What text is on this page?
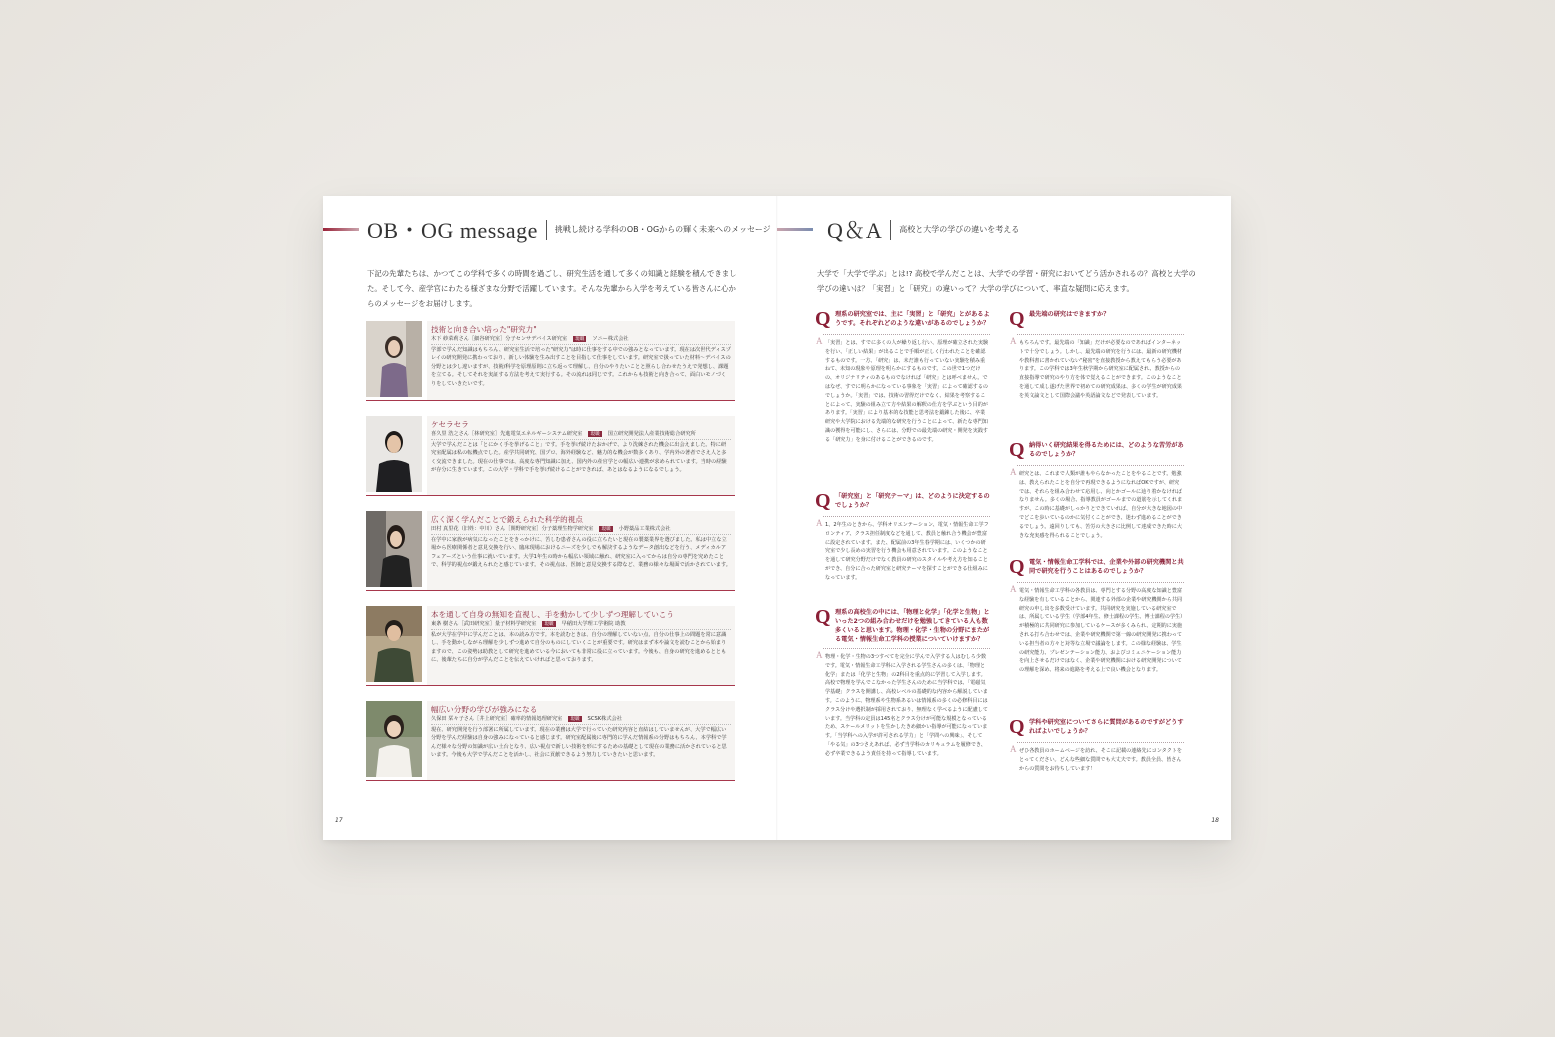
OB・OG message 挑戦し続ける学科のOB・OGからの輝く未来へのメッセージ
下記の先輩たちは、かつてこの学科で多くの時間を過ごし、研究生活を通して多くの知識と経験を積んできました。そして今、産学官にわたる様ざまな分野で活躍しています。そんな先輩から入学を考えている皆さんに心からのメッセージをお届けします。
技術と向き合い培った"研究力"
木下 紗菜莉さん［細谷研究室］分子センサデバイス研究室	現職	ソニー株式会社
学部で学んだ知識はもちろん、研究室生活で培った"研究力"は時に仕事をする中での強みとなっています。現在は次世代ディスプレイの研究開発に携わっており、新しい体験を生み出すことを目指して仕事をしています。研究室で扱っていた材料〜デバイスの分野とは少し違いますが、技術/科学を原理原則に立ち返って理解し、自分のやりたいことと照らし合わせたうえで発想し、課題を立てる。そしてそれを実証する方法を考えて実行する。その流れは同じです。これからも技術と向き合って、面白いモノづくりをしていきたいです。
ケセラセラ
喜久里 浩之さん［林研究室］先進電気エネルギーシステム研究室	現職	国立研究開発法人産業技術総合研究所
大学で学んだことは「とにかく手を挙げること」です。手を挙げ続けたおかげで、より洗練された機会に出会えました。特に研究室配属は私の転機点でした。産学共同研究、国プロ、海外経験など、魅力的な機会が数多くあり、学内外の著者でさえ人と多く交流できました。現在の仕事では、高度な専門知識に加え、国内外の産官学との幅広い連携が求められています。当時の経験が存分に生きています。この大学・学科で手を挙げ続けることができれば、あとはなるようになるでしょう。
広く深く学んだことで鍛えられた科学的視点
田村 真里花（旧姓：中川）さん［関野研究室］分子薬理生物学研究室	現職	小野薬品工業株式会社
在学中に家族が病気になったことをきっかけに、苦しむ患者さんの役に立ちたいと現在の製薬業界を選びました。私は中立な立場から医療関係者と意見交換を行い、臨床現場におけるニーズを少しでも解決するようなデータ創出などを行う、メディカルアフェアーズという仕事に就いています。大学1年生の時から幅広い領域に触れ、研究室に入ってからは自分の専門を究めたことで、科学的視点が鍛えられたと感じています。その視点は、医師と意見交換する際など、業務の様々な場面で活かされています。
本を通して自身の無知を直視し、手を動かして少しずつ理解していこう
東条 樹さん［武田研究室］量子材料学研究室	現職	早稲田大学理工学術院 助教
私が大学在学中に学んだことは、本の読み方です。本を読むときは、自分の理解していない点、自分の仕事上の問題を常に意識し、手を動かしながら理解を少しずつ進めて自分のものにしていくことが重要です。研究はまず本や論文を読むことから始まりますので、この姿勢は助教として研究を進めている今においても非常に役に立っています。今後も、自身の研究を進めるとともに、後輩たちに自分が学んだことを伝えていければと思っております。
幅広い分野の学びが強みになる
久保田 栞々子さん［井上研究室］確率的情報処理研究室	現職	SCSK株式会社
現在、研究開発を行う部署に所属しています。現在の業務は大学で行っていた研究内容と直結はしていませんが、大学で幅広い分野を学んだ経験は自身の強みになっていると感じます。研究室配属後に専門的に学んだ情報系の分野はもちろん、本学科で学んだ様々な分野の知識が広い土台となり、広い視点で新しい技術を形にするための基礎として現在の業務に活かされていると思います。今後も大学で学んだことを活かし、社会に貢献できるよう努力していきたいと思います。
17
Q＆A 高校と大学の学びの違いを考える
大学で「大学で学ぶ」とは!? 高校で学んだことは、大学での学習・研究においてどう活かされるの？高校と大学の学びの違いは？「実習」と「研究」の違いって？大学の学びについて、率直な疑問に応えます。
Q 理系の研究室では、主に「実習」と「研究」とがあるようです。それぞれどのような違いがあるのでしょうか？
A 「実習」とは、すでに多くの人が繰り返し行い、原理が確立された実験を行い、「正しい結果」が出ることで手順が正しく行われたことを確認するものです。一方、「研究」は、未だ誰も行っていない実験を積み重ねて、未知の現象や原理を明らかにするものです。この世で1つだけの、オリジナリティのあるものでなければ「研究」とは呼べません。ではなぜ、すでに明らかになっている事象を「実習」によって確認するのでしょうか。「実習」では、技術の習得だけでなく、結果を考察することによって、実験の組み立て方や結果の解釈の仕方を学ぶという目的があります。「実習」により基本的な技能と思考法を鍛錬した後に、卒業研究や大学院における先端的な研究を行うことによって、新たな専門知識の獲得を可能にし、さらには、分野での最先端の研究・開発を実践する「研究力」を身に付けることができるのです。
Q 「研究室」と「研究テーマ」は、どのように決定するのでしょうか？
A 1、2年生のときから、学科オリエンテーション、電気・情報生命工学フロンティア、クラス担任制度などを通して、教員と触れ合う機会が豊富に設定されています。また、配属前の3年生春学期には、いくつかの研究室で少し長めの実習を行う機会も用意されています。このようなことを通して研究分野だけでなく教員の研究のスタイルや考え方を知ることができ、自分に合った研究室と研究テーマを探すことができる仕組みになっています。
Q 理系の高校生の中には、「物理と化学」「化学と生物」といった2つの組み合わせだけを勉強してきている人も数多くいると思います。物理・化学・生物の分野にまたがる電気・情報生命工学科の授業についていけますか？
A 物理・化学・生物の3つすべてを完全に学んで入学する人はむしろ少数です。電気・情報生命工学科に入学される学生さんの多くは、「物理と化学」または「化学と生物」の2科目を重点的に学習して入学します。高校で物理を学んでこなかった学生さんのために当学科では、「電磁気学基礎」クラスを開講し、高校レベルの基礎的な内容から解説しています。このように、物理系や生物系あるいは情報系の多くの必修科目にはクラス分けや選択制が採用されており、無理なく学べるように配慮しています。当学科の定員は145名とクラス分けが可能な規模となっているため、スケールメリットを生かしたきめ細かい指導が可能になっています。「当学科への入学が許可される学力」と「学問への興味」、そして「やる気」の3つさえあれば、必ず当学科のカリキュラムを履修でき、必ず卒業できるよう責任を持って指導しています。
Q 最先端の研究はできますか？
A もちろんです。最先端の「知識」だけが必要なのであればインターネットで十分でしょう。しかし、最先端の研究を行うには、最新の研究機材や教科書に書かれていない"秘密"を直接教授から教えてもらう必要があります。この学科では3年生秋学期から研究室に配属され、教授からの直接指導で研究のやり方を体で覚えることができます。このようなことを通して成し遂げた世界で初めての研究成果は、多くの学生が研究成果を英文論文として国際会議や英語論文などで発表しています。
Q 納得いく研究結果を得るためには、どのような苦労があるのでしょうか？
A 研究とは、これまで人類が誰もやらなかったことをやることです。勉強は、教えられたことを自分で再現できるようになればOKですが、研究では、それらを組み合わせて応用し、向とかゴールに辿り着かなければなりません。多くの場合、指導教員がゴールまでの道筋を示してくれますが、この時に基礎がしっかりとできていれば、自分が大きな地図の中でどこを歩いているのかに気付くことができ、迷わず進めることができるでしょう。遠回りしても、苦労の大きさに比例して達成できた時に大きな充実感を得られることでしょう。
Q 電気・情報生命工学科では、企業や外部の研究機関と共同で研究を行うことはあるのでしょうか？
A 電気・情報生命工学科の各教員は、専門とする分野の高度な知識と豊富な経験を有していることから、関連する外部の企業や研究機関から共同研究の申し出を多数受けています。共同研究を実施している研究室では、所属している学生（学部4年生、修士課程の学生、博士課程の学生）が積極的に共同研究に参加しているケースが多くみられ、定期的に実施される打ち合わせでは、企業や研究機関で第一線の研究開発に携わっている担当者の方々と対等な立場で議論をします。この様な経験は、学生の研究能力、プレゼンテーション能力、およびコミュニケーション能力を向上させるだけではなく、企業や研究機関における研究開発についての理解を深め、将来の進路を考える上で良い機会となります。
Q 学科や研究室についてさらに質問があるのですがどうすればよいでしょうか？
A ぜひ各教員のホームページを訪れ、そこに記載の連絡先にコンタクトをとってください。どんな些細な質問でも大丈夫です。教員全員、皆さんからの質問をお待ちしています！
18
